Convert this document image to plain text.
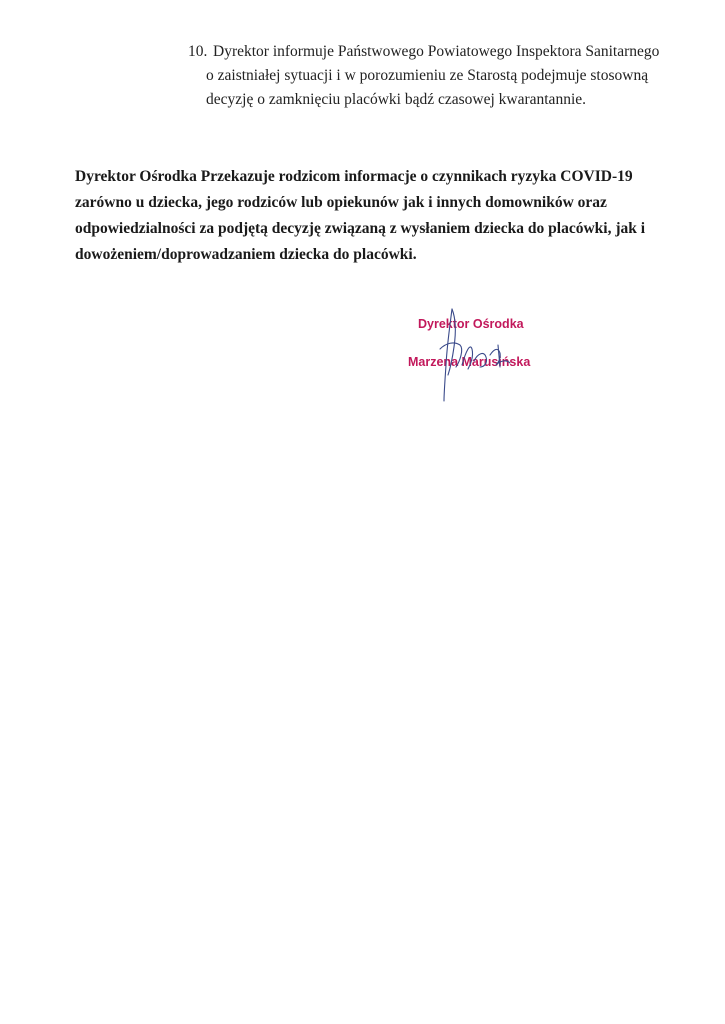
10. Dyrektor informuje Państwowego Powiatowego Inspektora Sanitarnego
o zaistniałej sytuacji i w porozumieniu ze Starostą podejmuje stosowną
decyzję o zamknięciu placówki bądź czasowej kwarantannie.
Dyrektor Ośrodka Przekazuje rodzicom informacje o czynnikach ryzyka COVID-19
zarówno u dziecka, jego rodziców lub opiekunów jak i innych domowników oraz
odpowiedzialności za podjętą decyzję związaną z wysłaniem dziecka do placówki, jak i
dowożeniem/doprowadzaniem dziecka do placówki.
Dyrektor Ośrodka
Marzena Marusińska
